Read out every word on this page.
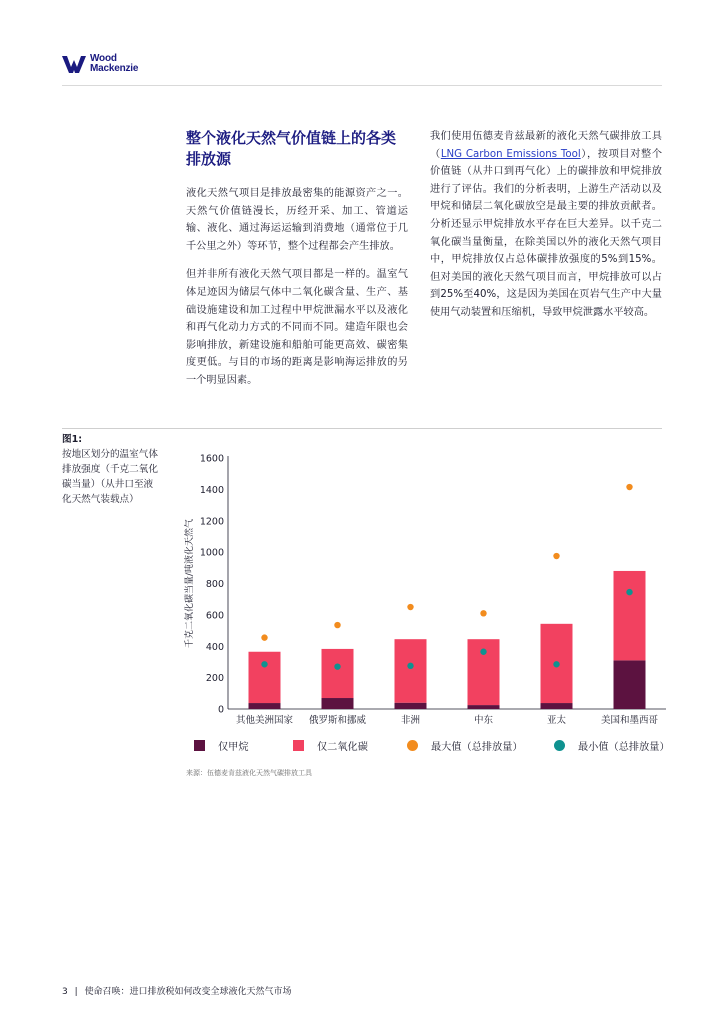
Wood
Mackenzie
整个液化天然气价值链上的各类排放源

液化天然气项目是排放最密集的能源资产之一。天然气价值链漫长，历经开采、加工、管道运输、液化、通过海运运输到消费地（通常位于几千公里之外）等环节，整个过程都会产生排放。

但并非所有液化天然气项目都是一样的。温室气体足迹因为储层气体中二氧化碳含量、生产、基础设施建设和加工过程中甲烷泄漏水平以及液化和再气化动力方式的不同而不同。建造年限也会影响排放，新建设施和船舶可能更高效、碳密集度更低。与目的市场的距离是影响海运排放的另一个明显因素。

我们使用伍德麦肯兹最新的液化天然气碳排放工具（LNG Carbon Emissions Tool），按项目对整个价值链（从井口到再气化）上的碳排放和甲烷排放进行了评估。我们的分析表明，上游生产活动以及甲烷和储层二氧化碳放空是最主要的排放贡献者。分析还显示甲烷排放水平存在巨大差异。以千克二氧化碳当量衡量，在除美国以外的液化天然气项目中，甲烷排放仅占总体碳排放强度的5%到15%。但对美国的液化天然气项目而言，甲烷排放可以占到25%至40%，这是因为美国在页岩气生产中大量使用气动装置和压缩机，导致甲烷泄露水平较高。

图1:
按地区划分的温室气体排放强度（千克二氧化碳当量）（从井口至液化天然气装载点）
0
200
400
600
800
1000
1200
1400
1600
千克二氧化碳当量/吨液化天然气
其他美洲国家 俄罗斯和挪威	非洲	中东	亚太	美国和墨西哥
仅甲烷	仅二氧化碳	最大值（总排放量）	最小值（总排放量）
来源：伍德麦肯兹液化天然气碳排放工具
3 | 使命召唤：进口排放税如何改变全球液化天然气市场
